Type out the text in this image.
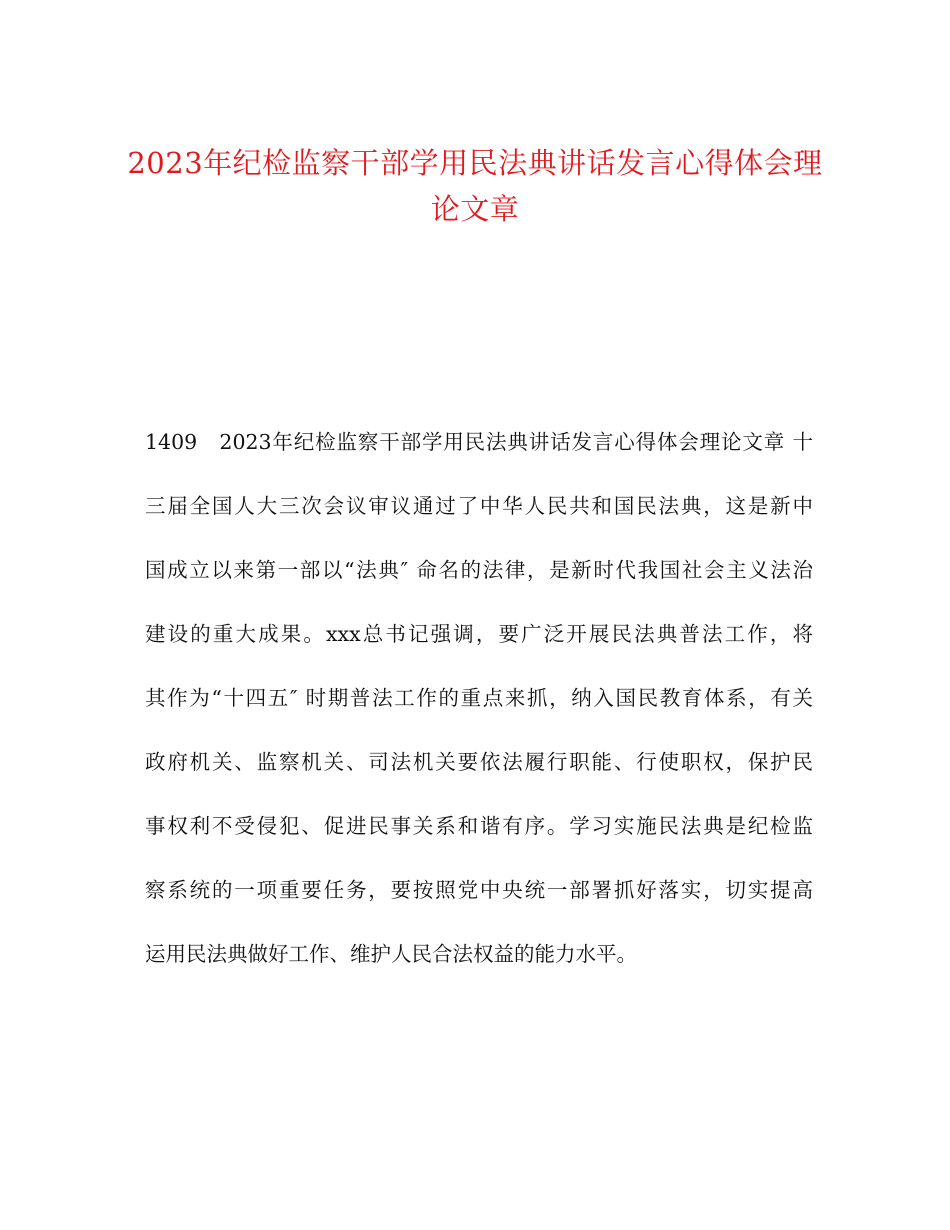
2023年纪检监察干部学用民法典讲话发言心得体会理
论文章
1409　2023年纪检监察干部学用民法典讲话发言心得体会理论文章 十
三届全国人大三次会议审议通过了中华人民共和国民法典，这是新中
国成立以来第一部以“法典″ 命名的法律，是新时代我国社会主义法治
建设的重大成果。xxx总书记强调，要广泛开展民法典普法工作，将
其作为“十四五″ 时期普法工作的重点来抓，纳入国民教育体系，有关
政府机关、监察机关、司法机关要依法履行职能、行使职权，保护民
事权利不受侵犯、促进民事关系和谐有序。学习实施民法典是纪检监
察系统的一项重要任务，要按照党中央统一部署抓好落实，切实提高
运用民法典做好工作、维护人民合法权益的能力水平。
